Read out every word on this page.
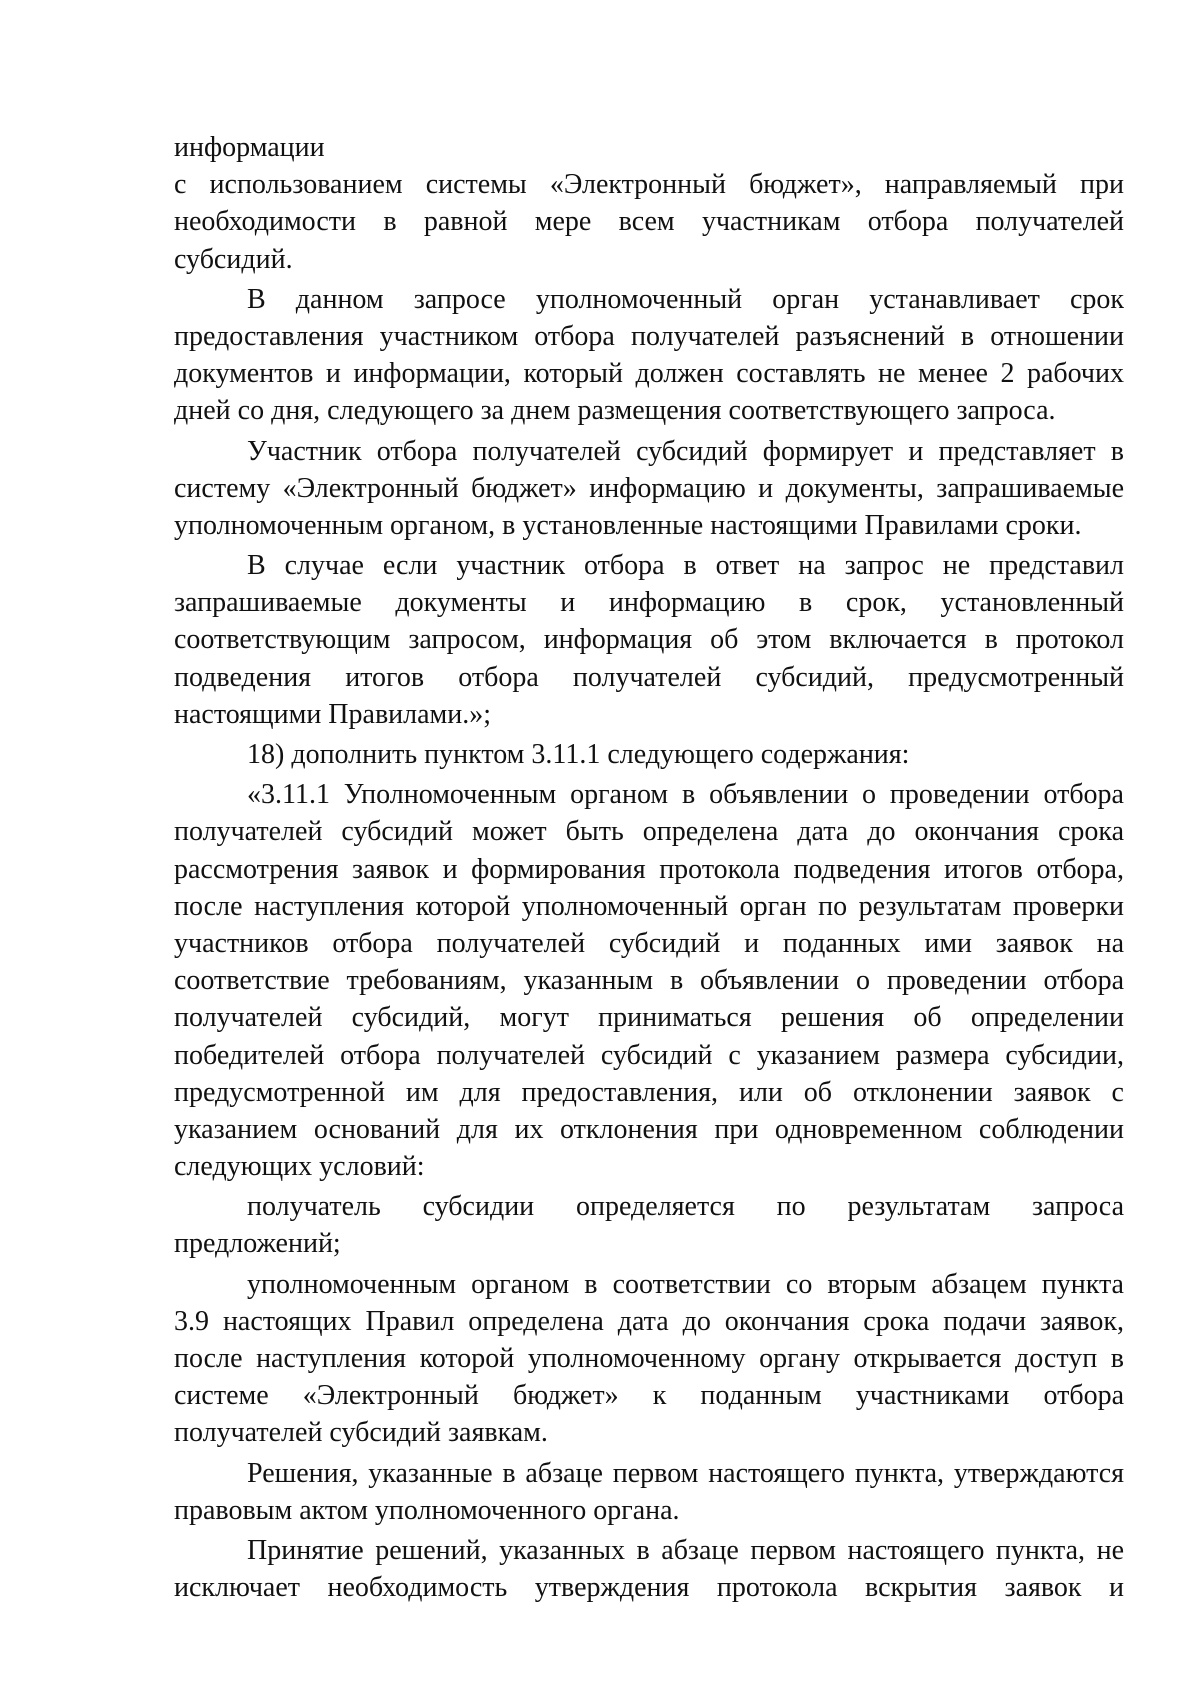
информации
с использованием системы «Электронный бюджет», направляемый при
необходимости в равной мере всем участникам отбора получателей
субсидий.
В данном запросе уполномоченный орган устанавливает срок
предоставления участником отбора получателей разъяснений в отношении
документов и информации, который должен составлять не менее 2 рабочих
дней со дня, следующего за днем размещения соответствующего запроса.
Участник отбора получателей субсидий формирует и представляет в
систему «Электронный бюджет» информацию и документы, запрашиваемые
уполномоченным органом, в установленные настоящими Правилами сроки.
В случае если участник отбора в ответ на запрос не представил
запрашиваемые документы и информацию в срок, установленный
соответствующим запросом, информация об этом включается в протокол
подведения итогов отбора получателей субсидий, предусмотренный
настоящими Правилами.»;
18) дополнить пунктом 3.11.1 следующего содержания:
«3.11.1 Уполномоченным органом в объявлении о проведении отбора
получателей субсидий может быть определена дата до окончания срока
рассмотрения заявок и формирования протокола подведения итогов отбора,
после наступления которой уполномоченный орган по результатам проверки
участников отбора получателей субсидий и поданных ими заявок на
соответствие требованиям, указанным в объявлении о проведении отбора
получателей субсидий, могут приниматься решения об определении
победителей отбора получателей субсидий с указанием размера субсидии,
предусмотренной им для предоставления, или об отклонении заявок с
указанием оснований для их отклонения при одновременном соблюдении
следующих условий:
получатель субсидии определяется по результатам запроса
предложений;
уполномоченным органом в соответствии со вторым абзацем пункта
3.9 настоящих Правил определена дата до окончания срока подачи заявок,
после наступления которой уполномоченному органу открывается доступ в
системе «Электронный бюджет» к поданным участниками отбора
получателей субсидий заявкам.
Решения, указанные в абзаце первом настоящего пункта, утверждаются
правовым актом уполномоченного органа.
Принятие решений, указанных в абзаце первом настоящего пункта, не
исключает необходимость утверждения протокола вскрытия заявок и
